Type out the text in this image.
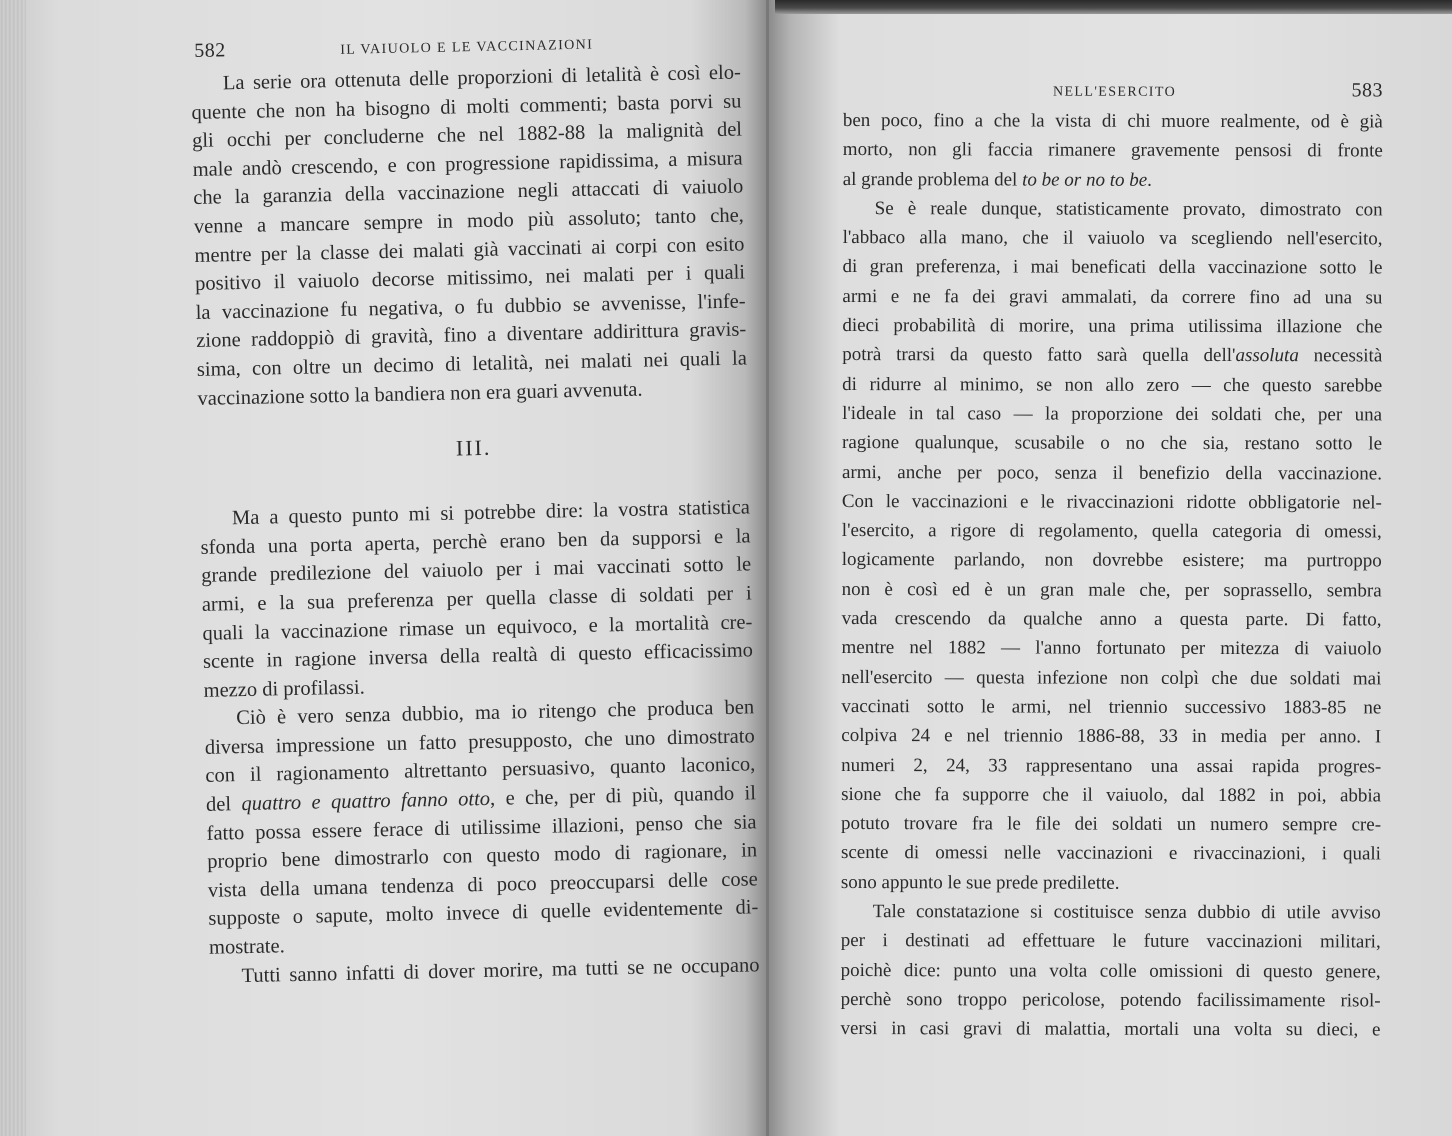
582	IL VAIUOLO E LE VACCINAZIONI
La serie ora ottenuta delle proporzioni di letalità è così elo-
quente che non ha bisogno di molti commenti; basta porvi su
gli occhi per concluderne che nel 1882-88 la malignità del
male andò crescendo, e con progressione rapidissima, a misura
che la garanzia della vaccinazione negli attaccati di vaiuolo
venne a mancare sempre in modo più assoluto; tanto che,
mentre per la classe dei malati già vaccinati ai corpi con esito
positivo il vaiuolo decorse mitissimo, nei malati per i quali
la vaccinazione fu negativa, o fu dubbio se avvenisse, l'infe-
zione raddoppiò di gravità, fino a diventare addirittura gravis-
sima, con oltre un decimo di letalità, nei malati nei quali la
vaccinazione sotto la bandiera non era guari avvenuta.
III.
Ma a questo punto mi si potrebbe dire: la vostra statistica
sfonda una porta aperta, perchè erano ben da supporsi e la
grande predilezione del vaiuolo per i mai vaccinati sotto le
armi, e la sua preferenza per quella classe di soldati per i
quali la vaccinazione rimase un equivoco, e la mortalità cre-
scente in ragione inversa della realtà di questo efficacissimo
mezzo di profilassi.
Ciò è vero senza dubbio, ma io ritengo che produca ben
diversa impressione un fatto presupposto, che uno dimostrato
con il ragionamento altrettanto persuasivo, quanto laconico,
del quattro e quattro fanno otto, e che, per di più, quando il
fatto possa essere ferace di utilissime illazioni, penso che sia
proprio bene dimostrarlo con questo modo di ragionare, in
vista della umana tendenza di poco preoccuparsi delle cose
supposte o sapute, molto invece di quelle evidentemente di-
mostrate.
Tutti sanno infatti di dover morire, ma tutti se ne occupano
NELL'ESERCITO	583
ben poco, fino a che la vista di chi muore realmente, od è già
morto, non gli faccia rimanere gravemente pensosi di fronte
al grande problema del to be or no to be.
Se è reale dunque, statisticamente provato, dimostrato con
l'abbaco alla mano, che il vaiuolo va scegliendo nell'esercito,
di gran preferenza, i mai beneficati della vaccinazione sotto le
armi e ne fa dei gravi ammalati, da correre fino ad una su
dieci probabilità di morire, una prima utilissima illazione che
potrà trarsi da questo fatto sarà quella dell'assoluta necessità
di ridurre al minimo, se non allo zero — che questo sarebbe
l'ideale in tal caso — la proporzione dei soldati che, per una
ragione qualunque, scusabile o no che sia, restano sotto le
armi, anche per poco, senza il benefizio della vaccinazione.
Con le vaccinazioni e le rivaccinazioni ridotte obbligatorie nel-
l'esercito, a rigore di regolamento, quella categoria di omessi,
logicamente parlando, non dovrebbe esistere; ma purtroppo
non è così ed è un gran male che, per soprassello, sembra
vada crescendo da qualche anno a questa parte. Di fatto,
mentre nel 1882 — l'anno fortunato per mitezza di vaiuolo
nell'esercito — questa infezione non colpì che due soldati mai
vaccinati sotto le armi, nel triennio successivo 1883-85 ne
colpiva 24 e nel triennio 1886-88, 33 in media per anno. I
numeri 2, 24, 33 rappresentano una assai rapida progres-
sione che fa supporre che il vaiuolo, dal 1882 in poi, abbia
potuto trovare fra le file dei soldati un numero sempre cre-
scente di omessi nelle vaccinazioni e rivaccinazioni, i quali
sono appunto le sue prede predilette.
Tale constatazione si costituisce senza dubbio di utile avviso
per i destinati ad effettuare le future vaccinazioni militari,
poichè dice: punto una volta colle omissioni di questo genere,
perchè sono troppo pericolose, potendo facilissimamente risol-
versi in casi gravi di malattia, mortali una volta su dieci, e
